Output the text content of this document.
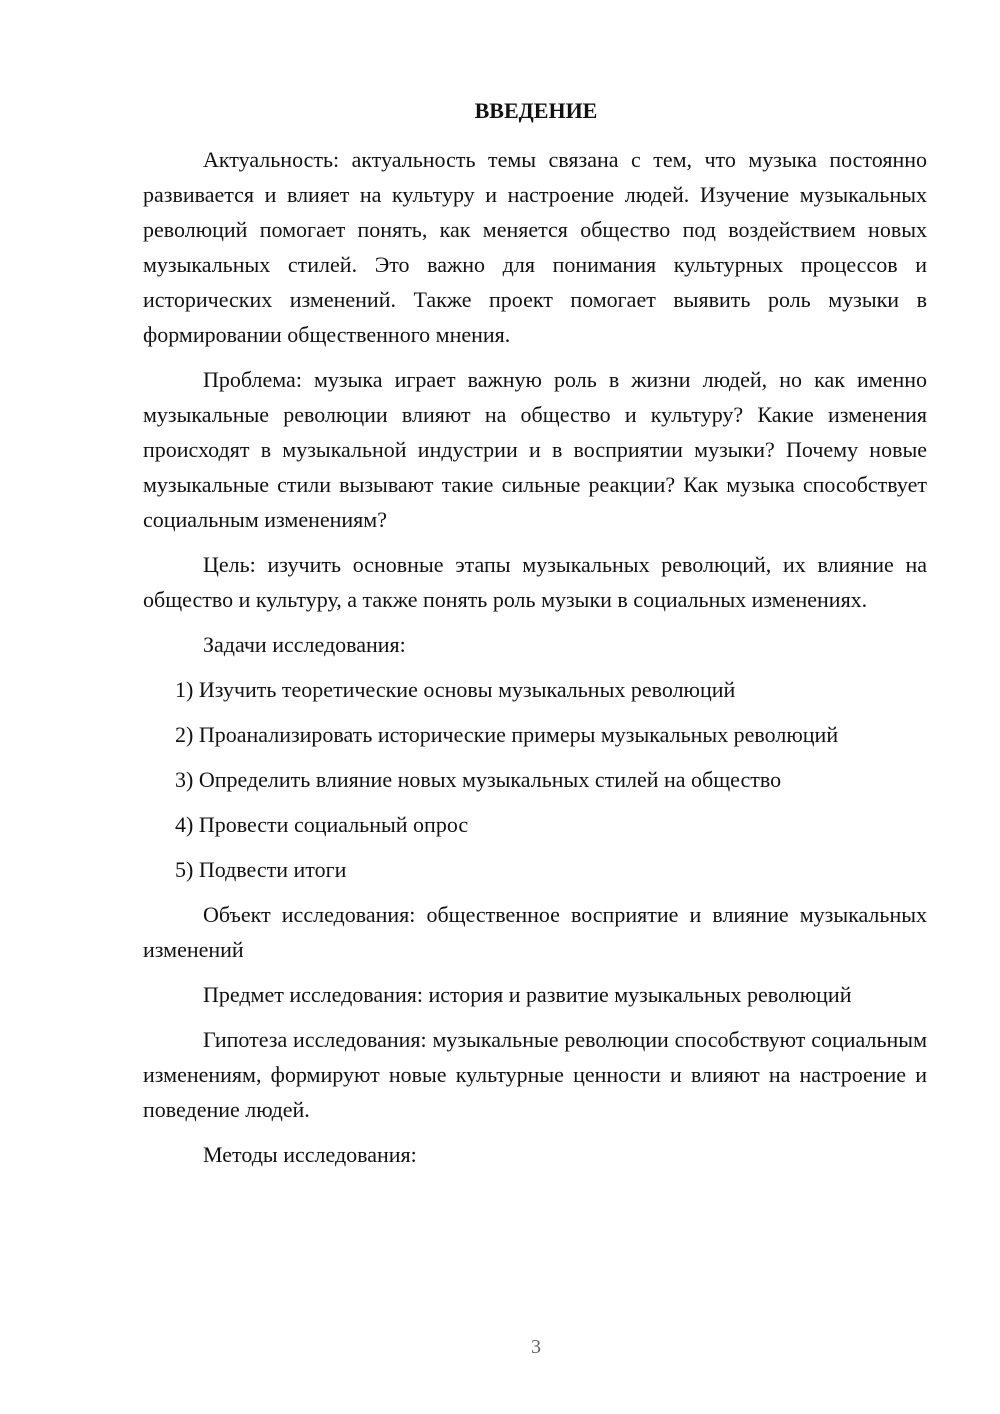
ВВЕДЕНИЕ

Актуальность: актуальность темы связана с тем, что музыка постоянно развивается и влияет на культуру и настроение людей. Изучение музыкальных революций помогает понять, как меняется общество под воздействием новых музыкальных стилей. Это важно для понимания культурных процессов и исторических изменений. Также проект помогает выявить роль музыки в формировании общественного мнения.

Проблема: музыка играет важную роль в жизни людей, но как именно музыкальные революции влияют на общество и культуру? Какие изменения происходят в музыкальной индустрии и в восприятии музыки? Почему новые музыкальные стили вызывают такие сильные реакции? Как музыка способствует социальным изменениям?

Цель: изучить основные этапы музыкальных революций, их влияние на общество и культуру, а также понять роль музыки в социальных изменениях.

Задачи исследования:

1) Изучить теоретические основы музыкальных революций

2) Проанализировать исторические примеры музыкальных революций

3) Определить влияние новых музыкальных стилей на общество

4) Провести социальный опрос

5) Подвести итоги

Объект исследования: общественное восприятие и влияние музыкальных изменений

Предмет исследования: история и развитие музыкальных революций

Гипотеза исследования: музыкальные революции способствуют социальным изменениям, формируют новые культурные ценности и влияют на настроение и поведение людей.

Методы исследования:

3
